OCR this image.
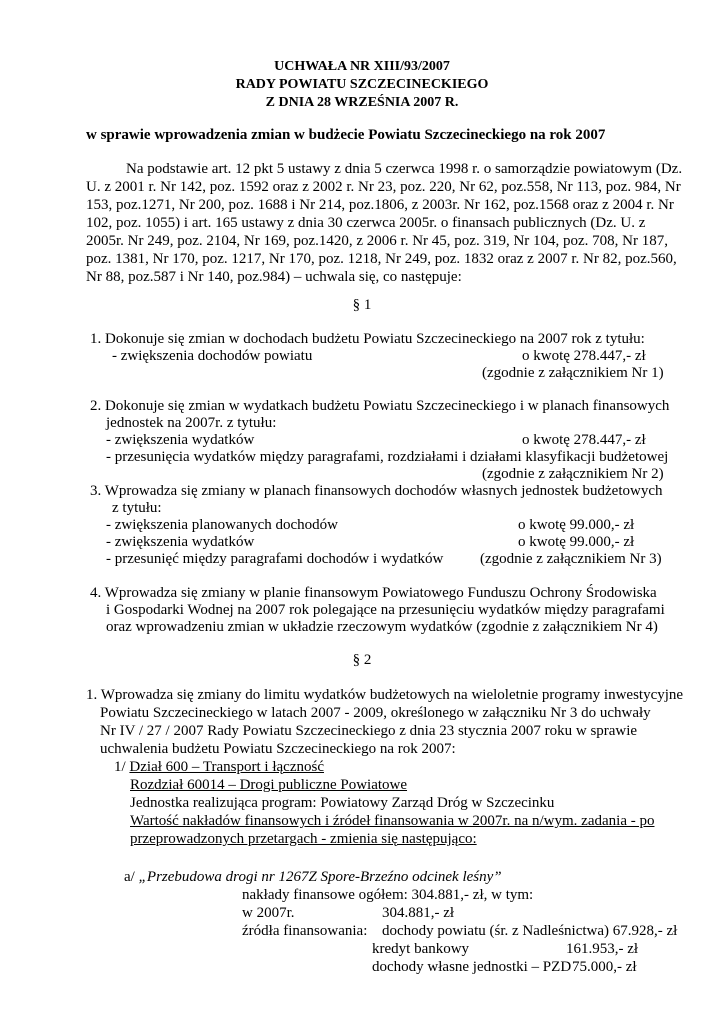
UCHWAŁA NR XIII/93/2007

RADY POWIATU SZCZECINECKIEGO

Z DNIA 28 WRZEŚNIA 2007 R.

w sprawie wprowadzenia zmian w budżecie Powiatu Szczecineckiego na rok 2007

Na podstawie art. 12 pkt 5 ustawy z dnia 5 czerwca 1998 r. o samorządzie powiatowym (Dz.

U. z 2001 r. Nr 142, poz. 1592 oraz z 2002 r. Nr 23, poz. 220, Nr 62, poz.558, Nr 113, poz. 984, Nr

153, poz.1271, Nr 200, poz. 1688 i Nr 214, poz.1806, z 2003r. Nr 162, poz.1568 oraz z 2004 r. Nr

102, poz. 1055) i art. 165 ustawy z dnia 30 czerwca 2005r. o finansach publicznych (Dz. U. z

2005r. Nr 249, poz. 2104, Nr 169, poz.1420, z 2006 r. Nr 45, poz. 319, Nr 104, poz. 708, Nr 187,

poz. 1381, Nr 170, poz. 1217, Nr 170, poz. 1218, Nr 249, poz. 1832 oraz z 2007 r. Nr 82, poz.560,

Nr 88, poz.587 i Nr 140, poz.984) – uchwala się, co następuje:

§ 1

1. Dokonuje się zmian w dochodach budżetu Powiatu Szczecineckiego na 2007 rok z tytułu:

- zwiększenia dochodów powiatu	o kwotę 278.447,- zł

(zgodnie z załącznikiem Nr 1)

2. Dokonuje się zmian w wydatkach budżetu Powiatu Szczecineckiego i w planach finansowych

jednostek na 2007r. z tytułu:

- zwiększenia wydatków	o kwotę 278.447,- zł

- przesunięcia wydatków między paragrafami, rozdziałami i działami klasyfikacji budżetowej

(zgodnie z załącznikiem Nr 2)

3. Wprowadza się zmiany w planach finansowych dochodów własnych jednostek budżetowych

z tytułu:

- zwiększenia planowanych dochodów	o kwotę 99.000,- zł

- zwiększenia wydatków	o kwotę 99.000,- zł

- przesunięć między paragrafami dochodów i wydatków (zgodnie z załącznikiem Nr 3)

4. Wprowadza się zmiany w planie finansowym Powiatowego Funduszu Ochrony Środowiska

i Gospodarki Wodnej na 2007 rok polegające na przesunięciu wydatków między paragrafami

oraz wprowadzeniu zmian w układzie rzeczowym wydatków (zgodnie z załącznikiem Nr 4)

§ 2

1. Wprowadza się zmiany do limitu wydatków budżetowych na wieloletnie programy inwestycyjne

Powiatu Szczecineckiego w latach 2007 - 2009, określonego w załączniku Nr 3 do uchwały

Nr IV / 27 / 2007 Rady Powiatu Szczecineckiego z dnia 23 stycznia 2007 roku w sprawie

uchwalenia budżetu Powiatu Szczecineckiego na rok 2007:

1/ Dział 600 – Transport i łączność

Rozdział 60014 – Drogi publiczne Powiatowe

Jednostka realizująca program: Powiatowy Zarząd Dróg w Szczecinku

Wartość nakładów finansowych i źródeł finansowania w 2007r. na n/wym. zadania - po

przeprowadzonych przetargach - zmienia się następująco:

a/ „Przebudowa drogi nr 1267Z Spore-Brzeźno odcinek leśny”

nakłady finansowe ogółem: 304.881,- zł, w tym:

w 2007r.	304.881,- zł

źródła finansowania: dochody powiatu (śr. z Nadleśnictwa) 67.928,- zł

kredyt bankowy	161.953,- zł

dochody własne jednostki – PZD 75.000,- zł
